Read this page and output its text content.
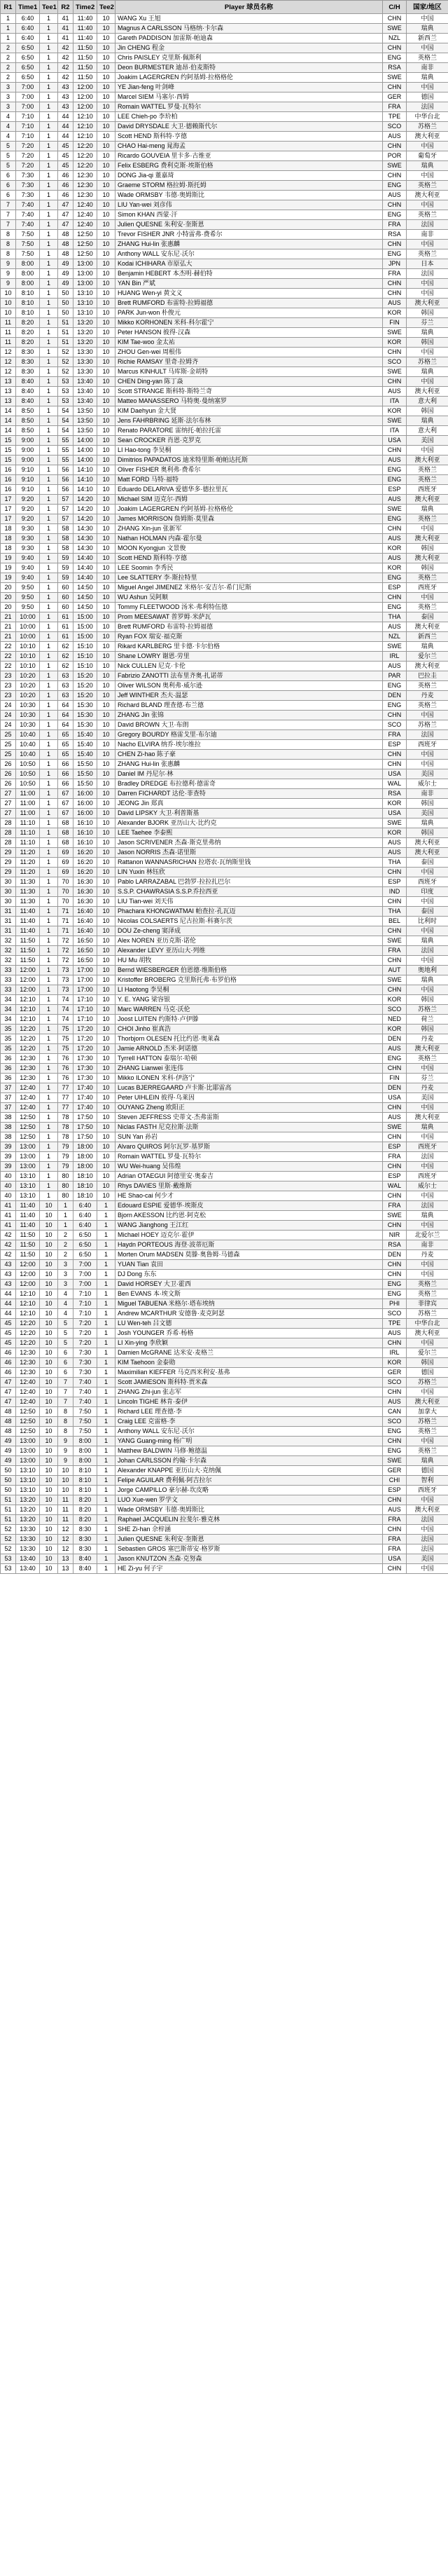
R1	Time1	Tee1	R2	Time2	Tee2	Player 球员名称	C/H	国家/地区
1	6:40	1	41	11:40	10	WANG Xu 王旭	CHN	中国
1	6:40	1	41	11:40	10	Magnus A CARLSSON 马格纳·卡尔森	SWE	瑞典
1	6:40	1	41	11:40	10	Gareth PADDISON 加雷斯·帕迪森	NZL	新西兰
2	6:50	1	42	11:50	10	Jin CHENG 程金	CHN	中国
2	6:50	1	42	11:50	10	Chris PAISLEY 克里斯·佩斯利	ENG	英格兰
2	6:50	1	42	11:50	10	Deon BURMESTER 迪昂·伯麦斯特	RSA	南非
2	6:50	1	42	11:50	10	Joakim LAGERGREN 约阿基姆·拉格格伦	SWE	瑞典
3	7:00	1	43	12:00	10	YE Jian-feng 叶剑峰	CHN	中国
3	7:00	1	43	12:00	10	Marcel SIEM 马塞尔·西姆	GER	德国
3	7:00	1	43	12:00	10	Romain WATTEL 罗曼·瓦特尔	FRA	法国
4	7:10	1	44	12:10	10	LEE Chieh-po 李玠柏	TPE	中华台北
4	7:10	1	44	12:10	10	David DRYSDALE 大卫·德赖斯代尔	SCO	苏格兰
4	7:10	1	44	12:10	10	Scott HEND 斯科特·亨德	AUS	澳大利亚
5	7:20	1	45	12:20	10	CHAO Hai-meng 晁海孟	CHN	中国
5	7:20	1	45	12:20	10	Ricardo GOUVEIA 里卡多·古维亚	POR	葡萄牙
5	7:20	1	45	12:20	10	Felix ESBERG 费利克斯·埃斯伯格	SWE	瑞典
6	7:30	1	46	12:30	10	DONG Jia-qi 董嘉琦	CHN	中国
6	7:30	1	46	12:30	10	Graeme STORM 格拉姆·斯托姆	ENG	英格兰
6	7:30	1	46	12:30	10	Wade ORMSBY 韦德·奥姆斯比	AUS	澳大利亚
7	7:40	1	47	12:40	10	LIU Yan-wei 刘彦伟	CHN	中国
7	7:40	1	47	12:40	10	Simon KHAN 西蒙·汗	ENG	英格兰
7	7:40	1	47	12:40	10	Julien QUESNE 朱利安·奎斯恩	FRA	法国
8	7:50	1	48	12:50	10	Trevor FISHER JNR 小特雷弗·费希尔	RSA	南非
8	7:50	1	48	12:50	10	ZHANG Hui-lin 张惠麟	CHN	中国
8	7:50	1	48	12:50	10	Anthony WALL 安东尼·沃尔	ENG	英格兰
9	8:00	1	49	13:00	10	Kodai ICHIHARA 市原弘大	JPN	日本
9	8:00	1	49	13:00	10	Benjamin HEBERT 本杰明·赫伯特	FRA	法国
9	8:00	1	49	13:00	10	YAN Bin 严斌	CHN	中国
10	8:10	1	50	13:10	10	HUANG Wen-yi 黄文义	CHN	中国
10	8:10	1	50	13:10	10	Brett RUMFORD 布雷特·拉姆福德	AUS	澳大利亚
10	8:10	1	50	13:10	10	PARK Jun-won 朴俊元	KOR	韩国
11	8:20	1	51	13:20	10	Mikko KORHONEN 米科·科尔霍宁	FIN	芬兰
11	8:20	1	51	13:20	10	Peter HANSON 彼得·汉森	SWE	瑞典
11	8:20	1	51	13:20	10	KIM Tae-woo 金太祐	KOR	韩国
12	8:30	1	52	13:30	10	ZHOU Gen-wei 周根伟	CHN	中国
12	8:30	1	52	13:30	10	Richie RAMSAY 里奇·拉姆齐	SCO	苏格兰
12	8:30	1	52	13:30	10	Marcus KINHULT 马库斯·金胡特	SWE	瑞典
13	8:40	1	53	13:40	10	CHEN Ding-yan 陈丁焱	CHN	中国
13	8:40	1	53	13:40	10	Scott STRANGE 斯科特·斯特兰奇	AUS	澳大利亚
13	8:40	1	53	13:40	10	Matteo MANASSERO 马特奥·曼纳塞罗	ITA	意大利
14	8:50	1	54	13:50	10	KIM Daehyun 金大贤	KOR	韩国
14	8:50	1	54	13:50	10	Jens FAHRBRING 延斯·法尔布林	SWE	瑞典
14	8:50	1	54	13:50	10	Renato PARATORE 雷纳托·帕拉托雷	ITA	意大利
15	9:00	1	55	14:00	10	Sean CROCKER 肖恩·克罗克	USA	美国
15	9:00	1	55	14:00	10	LI Hao-tong 李昊桐	CHN	中国
15	9:00	1	55	14:00	10	Dimitrios PAPADATOS 迪米特里斯·帕帕达托斯	AUS	澳大利亚
16	9:10	1	56	14:10	10	Oliver FISHER 奥利弗·费希尔	ENG	英格兰
16	9:10	1	56	14:10	10	Matt FORD 马特·福特	ENG	英格兰
16	9:10	1	56	14:10	10	Eduardo DELARIVA 爱德华多·德拉里瓦	ESP	西班牙
17	9:20	1	57	14:20	10	Michael SIM 迈克尔·西姆	AUS	澳大利亚
17	9:20	1	57	14:20	10	Joakim LAGERGREN 约阿基姆·拉格格伦	SWE	瑞典
17	9:20	1	57	14:20	10	James MORRISON 詹姆斯·莫里森	ENG	英格兰
18	9:30	1	58	14:30	10	ZHANG Xin-jun 张新军	CHN	中国
18	9:30	1	58	14:30	10	Nathan HOLMAN 内森·霍尔曼	AUS	澳大利亚
18	9:30	1	58	14:30	10	MOON Kyongjun 文景俊	KOR	韩国
19	9:40	1	59	14:40	10	Scott HEND 斯科特·亨德	AUS	澳大利亚
19	9:40	1	59	14:40	10	LEE Soomin 李秀民	KOR	韩国
19	9:40	1	59	14:40	10	Lee SLATTERY 李·斯拉特里	ENG	英格兰
20	9:50	1	60	14:50	10	Miguel Angel JIMENEZ 米格尔·安吉尔·希门尼斯	ESP	西班牙
20	9:50	1	60	14:50	10	WU Ashun 吴阿顺	CHN	中国
20	9:50	1	60	14:50	10	Tommy FLEETWOOD 汤米·弗利特伍德	ENG	英格兰
21	10:00	1	61	15:00	10	Prom MEESAWAT 普罗姆·米萨瓦	THA	泰国
21	10:00	1	61	15:00	10	Brett RUMFORD 布雷特·拉姆福德	AUS	澳大利亚
21	10:00	1	61	15:00	10	Ryan FOX 瑞安·福克斯	NZL	新西兰
22	10:10	1	62	15:10	10	Rikard KARLBERG 里卡德·卡尔伯格	SWE	瑞典
22	10:10	1	62	15:10	10	Shane LOWRY 谢恩·劳里	IRL	爱尔兰
22	10:10	1	62	15:10	10	Nick CULLEN 尼克·卡伦	AUS	澳大利亚
23	10:20	1	63	15:20	10	Fabrizio ZANOTTI 法布里齐奥·扎诺蒂	PAR	巴拉圭
23	10:20	1	63	15:20	10	Oliver WILSON 奥利弗·威尔逊	ENG	英格兰
23	10:20	1	63	15:20	10	Jeff WINTHER 杰夫·温瑟	DEN	丹麦
24	10:30	1	64	15:30	10	Richard BLAND 理查德·布兰德	ENG	英格兰
24	10:30	1	64	15:30	10	ZHANG Jin 张锦	CHN	中国
24	10:30	1	64	15:30	10	David BROWN 大卫·布朗	SCO	苏格兰
25	10:40	1	65	15:40	10	Gregory BOURDY 格雷戈里·布尔迪	FRA	法国
25	10:40	1	65	15:40	10	Nacho ELVIRA 纳乔·埃尔维拉	ESP	西班牙
25	10:40	1	65	15:40	10	CHEN Zi-hao 陈子豪	CHN	中国
26	10:50	1	66	15:50	10	ZHANG Hui-lin 张惠麟	CHN	中国
26	10:50	1	66	15:50	10	Daniel IM 丹尼尔·林	USA	美国
26	10:50	1	66	15:50	10	Bradley DREDGE 布拉德利·德雷奇	WAL	威尔士
27	11:00	1	67	16:00	10	Darren FICHARDT 达伦·菲查特	RSA	南非
27	11:00	1	67	16:00	10	JEONG Jin 郑真	KOR	韩国
27	11:00	1	67	16:00	10	David LIPSKY 大卫·利普斯基	USA	美国
28	11:10	1	68	16:10	10	Alexander BJORK 亚历山大·比约克	SWE	瑞典
28	11:10	1	68	16:10	10	LEE Taehee 李泰熙	KOR	韩国
28	11:10	1	68	16:10	10	Jason SCRIVENER 杰森·斯克里弗纳	AUS	澳大利亚
29	11:20	1	69	16:20	10	Jason NORRIS 杰森·诺里斯	AUS	澳大利亚
29	11:20	1	69	16:20	10	Rattanon WANNASRICHAN 拉塔农·瓦纳斯里钱	THA	泰国
29	11:20	1	69	16:20	10	LIN Yuxin 林钰欣	CHN	中国
30	11:30	1	70	16:30	10	Pablo LARRAZABAL 巴勃罗·拉拉扎巴尔	ESP	西班牙
30	11:30	1	70	16:30	10	S.S.P. CHAWRASIA S.S.P.乔拉西亚	IND	印度
30	11:30	1	70	16:30	10	LIU Tian-wei 刘天伟	CHN	中国
31	11:40	1	71	16:40	10	Phachara KHONGWATMAI 帕查拉·孔瓦迈	THA	泰国
31	11:40	1	71	16:40	10	Nicolas COLSAERTS 尼古拉斯·科赛尔茨	BEL	比利时
31	11:40	1	71	16:40	10	DOU Ze-cheng 窦泽成	CHN	中国
32	11:50	1	72	16:50	10	Alex NOREN 亚历克斯·诺伦	SWE	瑞典
32	11:50	1	72	16:50	10	Alexander LEVY 亚历山大·列维	FRA	法国
32	11:50	1	72	16:50	10	HU Mu 胡牧	CHN	中国
33	12:00	1	73	17:00	10	Bernd WIESBERGER 伯恩德·维斯伯格	AUT	奥地利
33	12:00	1	73	17:00	10	Kristoffer BROBERG 克里斯托弗·布罗伯格	SWE	瑞典
33	12:00	1	73	17:00	10	LI Haotong 李昊桐	CHN	中国
34	12:10	1	74	17:10	10	Y. E. YANG 梁容银	KOR	韩国
34	12:10	1	74	17:10	10	Marc WARREN 马克·沃伦	SCO	苏格兰
34	12:10	1	74	17:10	10	Joost LUITEN 约斯特·卢伊滕	NED	荷兰
35	12:20	1	75	17:20	10	CHOI Jinho 崔真浩	KOR	韩国
35	12:20	1	75	17:20	10	Thorbjorn OLESEN 托比约恩·奥莱森	DEN	丹麦
35	12:20	1	75	17:20	10	Jamie ARNOLD 杰米·阿诺德	AUS	澳大利亚
36	12:30	1	76	17:30	10	Tyrrell HATTON 泰瑞尔·哈顿	ENG	英格兰
36	12:30	1	76	17:30	10	ZHANG Lianwei 张连伟	CHN	中国
36	12:30	1	76	17:30	10	Mikko ILONEN 米科·伊洛宁	FIN	芬兰
37	12:40	1	77	17:40	10	Lucas BJERREGAARD 卢卡斯·比耶雷高	DEN	丹麦
37	12:40	1	77	17:40	10	Peter UIHLEIN 彼得·乌莱因	USA	美国
37	12:40	1	77	17:40	10	OUYANG Zheng 欧阳正	CHN	中国
38	12:50	1	78	17:50	10	Steven JEFFRESS 史蒂文·杰弗雷斯	AUS	澳大利亚
38	12:50	1	78	17:50	10	Niclas FASTH 尼克拉斯·法斯	SWE	瑞典
38	12:50	1	78	17:50	10	SUN Yan 孙岩	CHN	中国
39	13:00	1	79	18:00	10	Alvaro QUIROS 阿尔瓦罗·基罗斯	ESP	西班牙
39	13:00	1	79	18:00	10	Romain WATTEL 罗曼·瓦特尔	FRA	法国
39	13:00	1	79	18:00	10	WU Wei-huang 吴伟煌	CHN	中国
40	13:10	1	80	18:10	10	Adrian OTAEGUI 阿德里安·奥泰吉	ESP	西班牙
40	13:10	1	80	18:10	10	Rhys DAVIES 里斯·戴维斯	WAL	威尔士
40	13:10	1	80	18:10	10	HE Shao-cai 何少才	CHN	中国
41	11:40	10	1	6:40	1	Edouard ESPIE 爱德华·埃斯皮	FRA	法国
41	11:40	10	1	6:40	1	Bjorn AKESSON 比约恩·阿克松	SWE	瑞典
41	11:40	10	1	6:40	1	WANG Jianghong 王江红	CHN	中国
42	11:50	10	2	6:50	1	Michael HOEY 迈克尔·霍伊	NIR	北爱尔兰
42	11:50	10	2	6:50	1	Haydn PORTEOUS 海登·波蒂厄斯	RSA	南非
42	11:50	10	2	6:50	1	Morten Orum MADSEN 莫滕·奥鲁姆·马德森	DEN	丹麦
43	12:00	10	3	7:00	1	YUAN Tian 袁田	CHN	中国
43	12:00	10	3	7:00	1	DJ Dong 东东	CHN	中国
43	12:00	10	3	7:00	1	David HORSEY 大卫·霍西	ENG	英格兰
44	12:10	10	4	7:10	1	Ben EVANS 本·埃文斯	ENG	英格兰
44	12:10	10	4	7:10	1	Miguel TABUENA 米格尔·塔布埃纳	PHI	菲律宾
44	12:10	10	4	7:10	1	Andrew MCARTHUR 安德鲁·麦克阿瑟	SCO	苏格兰
45	12:20	10	5	7:20	1	LU Wen-teh 吕文德	TPE	中华台北
45	12:20	10	5	7:20	1	Josh YOUNGER 乔希·杨格	AUS	澳大利亚
45	12:20	10	5	7:20	1	LI Xin-ying 李欣颖	CHN	中国
46	12:30	10	6	7:30	1	Damien McGRANE 达米安·麦格兰	IRL	爱尔兰
46	12:30	10	6	7:30	1	KIM Taehoon 金泰勋	KOR	韩国
46	12:30	10	6	7:30	1	Maximilian KIEFFER 马克西米利安·基弗	GER	德国
47	12:40	10	7	7:40	1	Scott JAMIESON 斯科特·贾米森	SCO	苏格兰
47	12:40	10	7	7:40	1	ZHANG Zhi-jun 张志军	CHN	中国
47	12:40	10	7	7:40	1	Lincoln TIGHE 林肯·泰伊	AUS	澳大利亚
48	12:50	10	8	7:50	1	Richard LEE 理查德·李	CAN	加拿大
48	12:50	10	8	7:50	1	Craig LEE 克雷格·李	SCO	苏格兰
48	12:50	10	8	7:50	1	Anthony WALL 安东尼·沃尔	ENG	英格兰
49	13:00	10	9	8:00	1	YANG Guang-ming 杨广明	CHN	中国
49	13:00	10	9	8:00	1	Matthew BALDWIN 马修·鲍德温	ENG	英格兰
49	13:00	10	9	8:00	1	Johan CARLSSON 约翰·卡尔森	SWE	瑞典
50	13:10	10	10	8:10	1	Alexander KNAPPE 亚历山大·克纳佩	GER	德国
50	13:10	10	10	8:10	1	Felipe AGUILAR 费利佩·阿吉拉尔	CHI	智利
50	13:10	10	10	8:10	1	Jorge CAMPILLO 豪尔赫·坎皮略	ESP	西班牙
51	13:20	10	11	8:20	1	LUO Xue-wen 罗学文	CHN	中国
51	13:20	10	11	8:20	1	Wade ORMSBY 韦德·奥姆斯比	AUS	澳大利亚
51	13:20	10	11	8:20	1	Raphael JACQUELIN 拉斐尔·雅克林	FRA	法国
52	13:30	10	12	8:30	1	SHE Zi-han 佘梓涵	CHN	中国
52	13:30	10	12	8:30	1	Julien QUESNE 朱利安·奎斯恩	FRA	法国
52	13:30	10	12	8:30	1	Sebastien GROS 塞巴斯蒂安·格罗斯	FRA	法国
53	13:40	10	13	8:40	1	Jason KNUTZON 杰森·克努森	USA	美国
53	13:40	10	13	8:40	1	HE Zi-yu 何子宇	CHN	中国
